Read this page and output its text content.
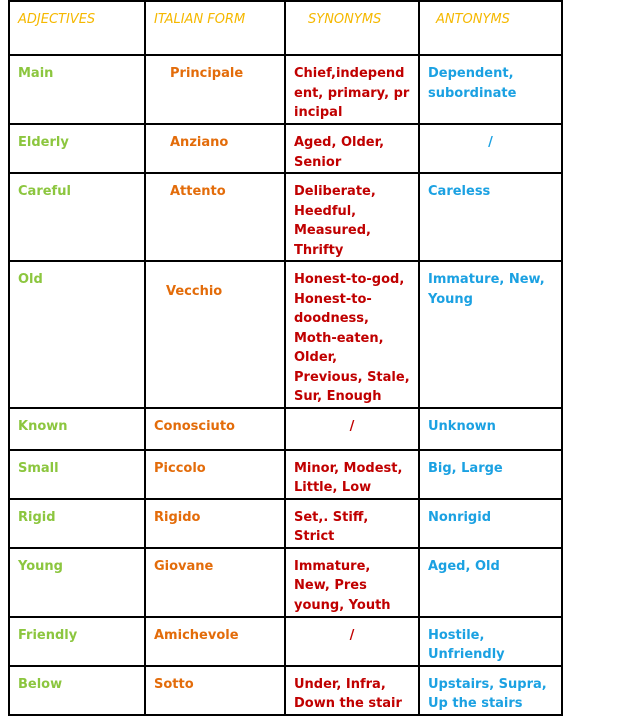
ADJECTIVES	ITALIAN FORM	SYNONYMS	ANTONYMS
Main	Principale	Chief,independent, primary, principal	Dependent, subordinate
Elderly	Anziano	Aged, Older, Senior	/
Careful	Attento	Deliberate, Heedful, Measured, Thrifty	Careless
Old	Vecchio	Honest-to-god, Honest-to-doodness, Moth-eaten, Older, Previous, Stale, Sur, Enough	Immature, New, Young
Known	Conosciuto	/	Unknown
Small	Piccolo	Minor, Modest, Little, Low	Big, Large
Rigid	Rigido	Set,. Stiff, Strict	Nonrigid
Young	Giovane	Immature, New, Pres young, Youth	Aged, Old
Friendly	Amichevole	/	Hostile, Unfriendly
Below	Sotto	Under, Infra, Down the stair	Upstairs, Supra, Up the stairs
